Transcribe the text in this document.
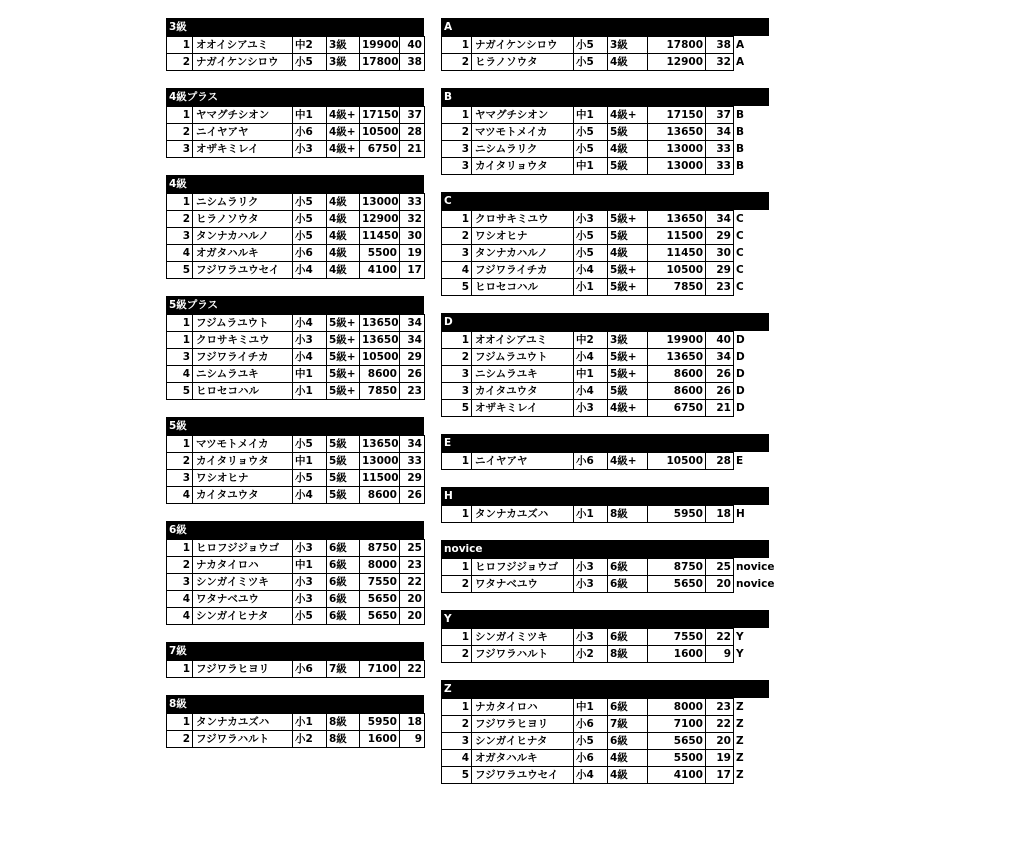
3級
1	オオイシアユミ	中2	3級	19900	40
2	ナガイケンシロウ	小5	3級	17800	38
4級プラス
1	ヤマグチシオン	中1	4級+	17150	37
2	ニイヤアヤ	小6	4級+	10500	28
3	オザキミレイ	小3	4級+	6750	21
4級
1	ニシムラリク	小5	4級	13000	33
2	ヒラノソウタ	小5	4級	12900	32
3	タンナカハルノ	小5	4級	11450	30
4	オガタハルキ	小6	4級	5500	19
5	フジワラユウセイ	小4	4級	4100	17
5級プラス
1	フジムラユウト	小4	5級+	13650	34
1	クロサキミユウ	小3	5級+	13650	34
3	フジワライチカ	小4	5級+	10500	29
4	ニシムラユキ	中1	5級+	8600	26
5	ヒロセコハル	小1	5級+	7850	23
5級
1	マツモトメイカ	小5	5級	13650	34
2	カイタリョウタ	中1	5級	13000	33
3	ワシオヒナ	小5	5級	11500	29
4	カイタユウタ	小4	5級	8600	26
6級
1	ヒロフジジョウゴ	小3	6級	8750	25
2	ナカタイロハ	中1	6級	8000	23
3	シンガイミツキ	小3	6級	7550	22
4	ワタナベユウ	小3	6級	5650	20
4	シンガイヒナタ	小5	6級	5650	20
7級
1	フジワラヒヨリ	小6	7級	7100	22
8級
1	タンナカユズハ	小1	8級	5950	18
2	フジワラハルト	小2	8級	1600	9
A
1	ナガイケンシロウ	小5	3級	17800	38	A
2	ヒラノソウタ	小5	4級	12900	32	A
B
1	ヤマグチシオン	中1	4級+	17150	37	B
2	マツモトメイカ	小5	5級	13650	34	B
3	ニシムラリク	小5	4級	13000	33	B
3	カイタリョウタ	中1	5級	13000	33	B
C
1	クロサキミユウ	小3	5級+	13650	34	C
2	ワシオヒナ	小5	5級	11500	29	C
3	タンナカハルノ	小5	4級	11450	30	C
4	フジワライチカ	小4	5級+	10500	29	C
5	ヒロセコハル	小1	5級+	7850	23	C
D
1	オオイシアユミ	中2	3級	19900	40	D
2	フジムラユウト	小4	5級+	13650	34	D
3	ニシムラユキ	中1	5級+	8600	26	D
3	カイタユウタ	小4	5級	8600	26	D
5	オザキミレイ	小3	4級+	6750	21	D
E
1	ニイヤアヤ	小6	4級+	10500	28	E
H
1	タンナカユズハ	小1	8級	5950	18	H
novice
1	ヒロフジジョウゴ	小3	6級	8750	25	novice
2	ワタナベユウ	小3	6級	5650	20	novice
Y
1	シンガイミツキ	小3	6級	7550	22	Y
2	フジワラハルト	小2	8級	1600	9	Y
Z
1	ナカタイロハ	中1	6級	8000	23	Z
2	フジワラヒヨリ	小6	7級	7100	22	Z
3	シンガイヒナタ	小5	6級	5650	20	Z
4	オガタハルキ	小6	4級	5500	19	Z
5	フジワラユウセイ	小4	4級	4100	17	Z
